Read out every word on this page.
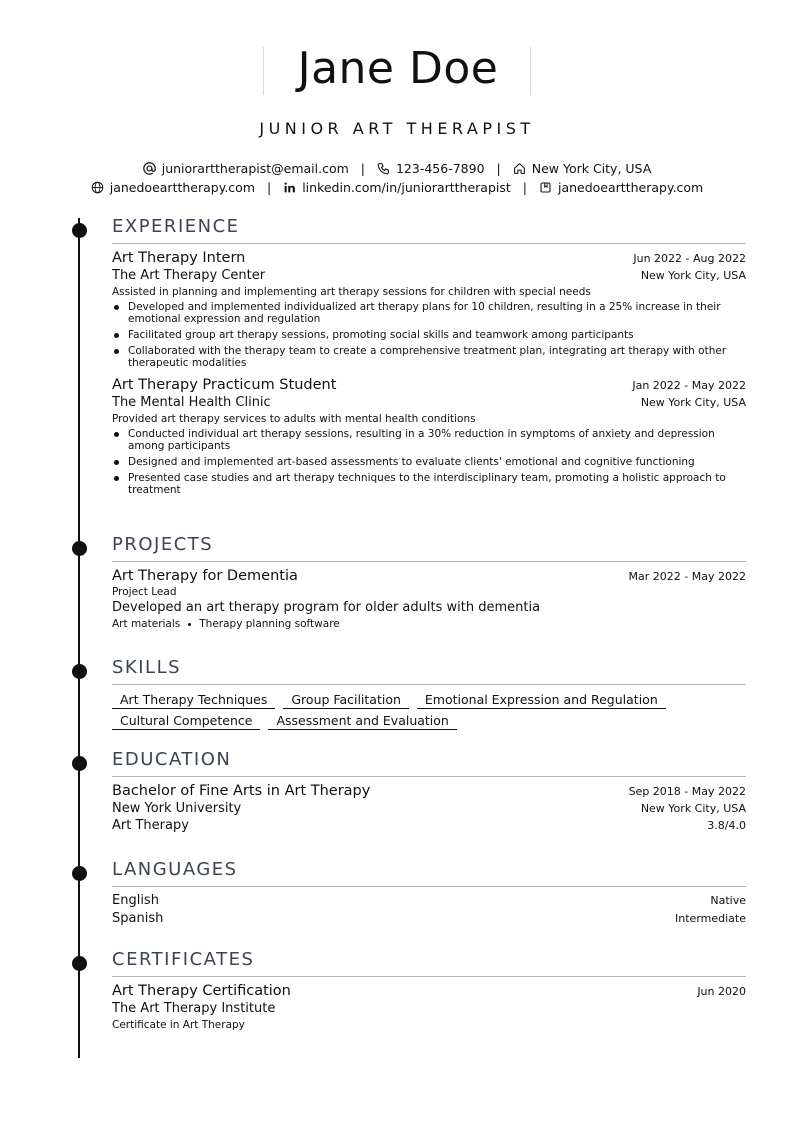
Jane Doe
JUNIOR ART THERAPIST
juniorarttherapist@email.com | 123-456-7890 | New York City, USA
janedoearttherapy.com | linkedin.com/in/juniorarttherapist | janedoearttherapy.com
EXPERIENCE
Art Therapy Intern	Jun 2022 - Aug 2022
The Art Therapy Center	New York City, USA
Assisted in planning and implementing art therapy sessions for children with special needs
Developed and implemented individualized art therapy plans for 10 children, resulting in a 25% increase in their emotional expression and regulation
Facilitated group art therapy sessions, promoting social skills and teamwork among participants
Collaborated with the therapy team to create a comprehensive treatment plan, integrating art therapy with other therapeutic modalities
Art Therapy Practicum Student	Jan 2022 - May 2022
The Mental Health Clinic	New York City, USA
Provided art therapy services to adults with mental health conditions
Conducted individual art therapy sessions, resulting in a 30% reduction in symptoms of anxiety and depression among participants
Designed and implemented art-based assessments to evaluate clients' emotional and cognitive functioning
Presented case studies and art therapy techniques to the interdisciplinary team, promoting a holistic approach to treatment
PROJECTS
Art Therapy for Dementia	Mar 2022 - May 2022
Project Lead
Developed an art therapy program for older adults with dementia
Art materials Therapy planning software
SKILLS
Art Therapy Techniques	Group Facilitation	Emotional Expression and Regulation
Cultural Competence	Assessment and Evaluation
EDUCATION
Bachelor of Fine Arts in Art Therapy	Sep 2018 - May 2022
New York University	New York City, USA
Art Therapy	3.8/4.0
LANGUAGES
English	Native
Spanish	Intermediate
CERTIFICATES
Art Therapy Certification	Jun 2020
The Art Therapy Institute
Certificate in Art Therapy
